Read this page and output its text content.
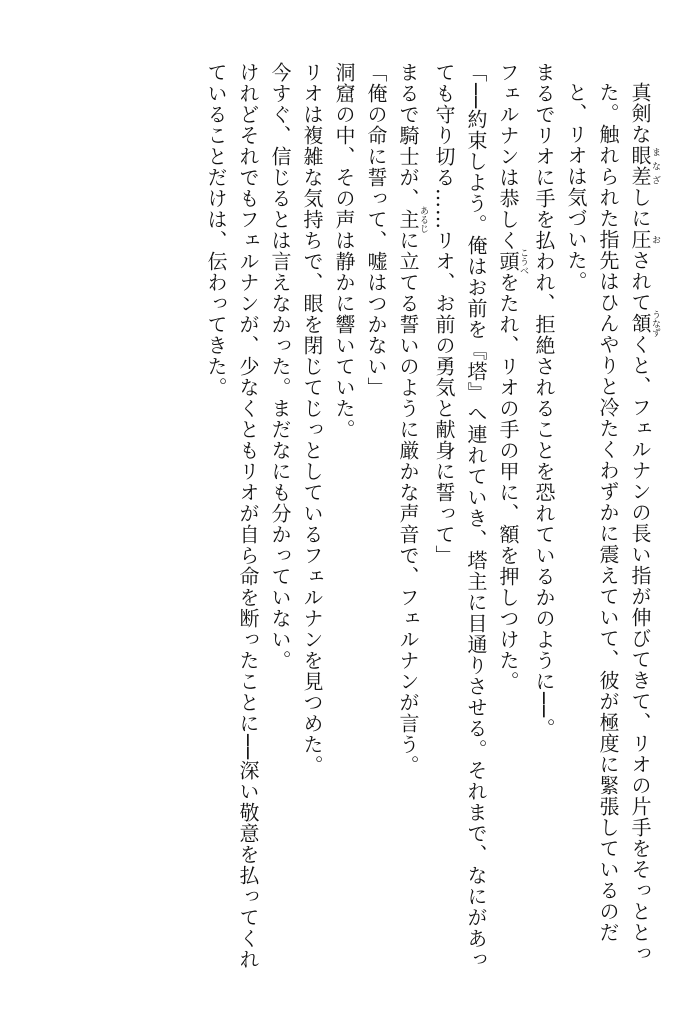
真剣な眼差まなざしに圧おされて頷うなずくと、フェルナンの長い指が伸びてきて、リオの片手をそっととった。触れられた指先はひんやりと冷たくわずかに震えていて、彼が極度に緊張しているのだと、リオは気づいた。

まるでリオに手を払われ、拒絶されることを恐れているかのように──。

フェルナンは恭しく頭こうべをたれ、リオの手の甲に、額を押しつけた。

「──約束しよう。俺はお前を『塔』へ連れていき、塔主に目通りさせる。それまで、なにがあっても守り切る……リオ、お前の勇気と献身に誓って」

まるで騎士が、主あるじに立てる誓いのように厳かな声音で、フェルナンが言う。

「俺の命に誓って、嘘はつかない」

洞窟の中、その声は静かに響いていた。

リオは複雑な気持ちで、眼を閉じてじっとしているフェルナンを見つめた。

今すぐ、信じるとは言えなかった。まだなにも分かっていない。

けれどそれでもフェルナンが、少なくともリオが自ら命を断ったことに──深い敬意を払ってくれていることだけは、伝わってきた。
